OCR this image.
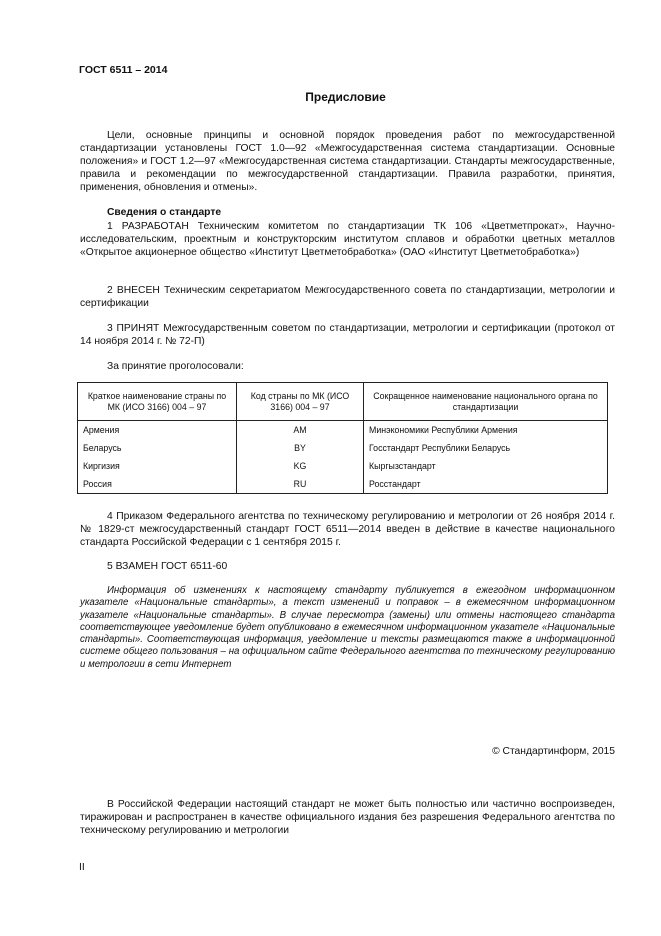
ГОСТ 6511 – 2014
Предисловие
Цели, основные принципы и основной порядок проведения работ по межгосударственной стандартизации установлены ГОСТ 1.0—92 «Межгосударственная система стандартизации. Основные положения» и ГОСТ 1.2—97 «Межгосударственная система стандартизации. Стандарты межгосударственные, правила и рекомендации по межгосударственной стандартизации. Правила разработки, принятия, применения, обновления и отмены».
Сведения о стандарте
1 РАЗРАБОТАН Техническим комитетом по стандартизации ТК 106 «Цветметпрокат», Научно-исследовательским, проектным и конструкторским институтом сплавов и обработки цветных металлов «Открытое акционерное общество «Институт Цветметобработка» (ОАО «Институт Цветметобработка»)
2 ВНЕСЕН Техническим секретариатом Межгосударственного совета по стандартизации, метрологии и сертификации
3 ПРИНЯТ Межгосударственным советом по стандартизации, метрологии и сертификации (протокол от 14 ноября 2014 г. № 72-П)
За принятие проголосовали:
Краткое наименование страны по МК (ИСО 3166) 004 – 97	Код страны по МК (ИСО 3166) 004 – 97	Сокращенное наименование национального органа по стандартизации
Армения	AM	Минэкономики Республики Армения
Беларусь	BY	Госстандарт Республики Беларусь
Киргизия	KG	Кыргызстандарт
Россия	RU	Росстандарт
4 Приказом Федерального агентства по техническому регулированию и метрологии от 26 ноября 2014 г. № 1829-ст межгосударственный стандарт ГОСТ 6511—2014 введен в действие в качестве национального стандарта Российской Федерации с 1 сентября 2015 г.
5 ВЗАМЕН ГОСТ 6511-60
Информация об изменениях к настоящему стандарту публикуется в ежегодном информационном указателе «Национальные стандарты», а текст изменений и поправок – в ежемесячном информационном указателе «Национальные стандарты». В случае пересмотра (замены) или отмены настоящего стандарта соответствующее уведомление будет опубликовано в ежемесячном информационном указателе «Национальные стандарты». Соответствующая информация, уведомление и тексты размещаются также в информационной системе общего пользования – на официальном сайте Федерального агентства по техническому регулированию и метрологии в сети Интернет
© Стандартинформ, 2015
В Российской Федерации настоящий стандарт не может быть полностью или частично воспроизведен, тиражирован и распространен в качестве официального издания без разрешения Федерального агентства по техническому регулированию и метрологии
II
